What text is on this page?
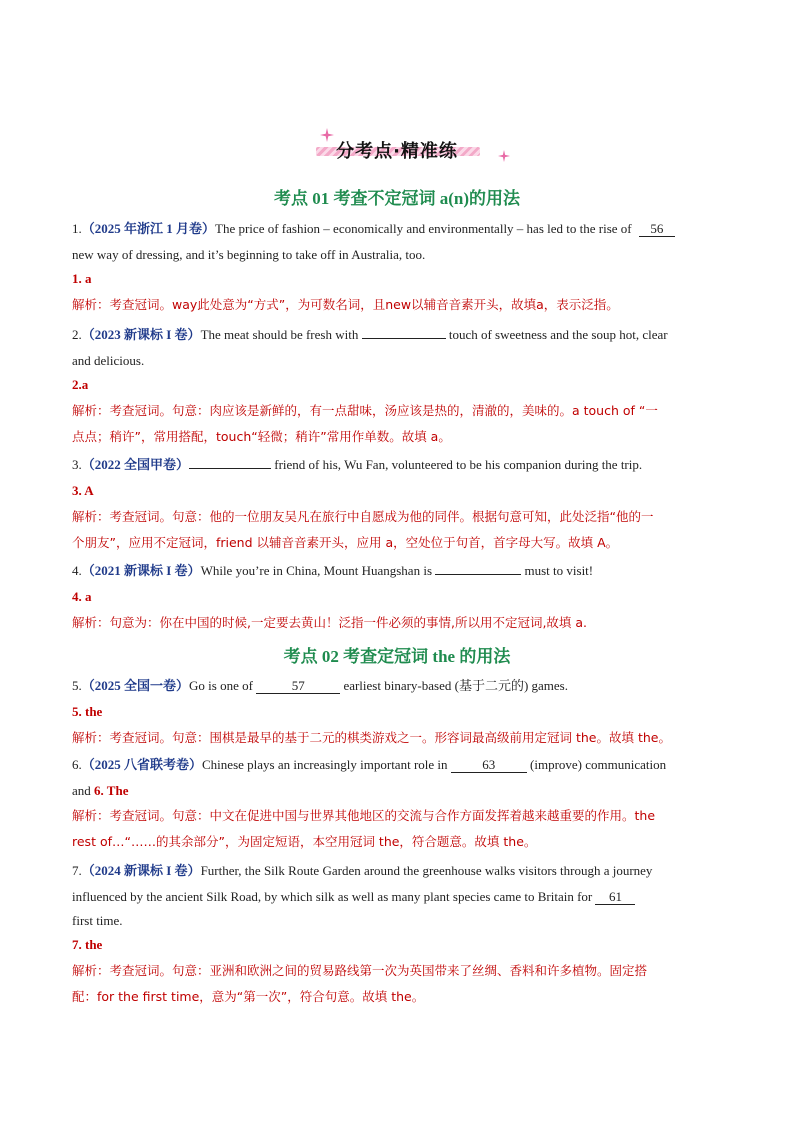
分考点·精准练
考点 01 考查不定冠词 a(n)的用法
1.（2025 年浙江 1 月卷）The price of fashion – economically and environmentally – has led to the rise of 56
new way of dressing, and it’s beginning to take off in Australia, too.
1. a
解析：考查冠词。way此处意为“方式”，为可数名词，且new以辅音音素开头，故填a，表示泛指。
2.（2023 新课标 I 卷）The meat should be fresh with	touch of sweetness and the soup hot, clear
and delicious.
2.a
解析：考查冠词。句意：肉应该是新鲜的，有一点甜味，汤应该是热的，清澈的，美味的。a touch of “一
点点；稍许”，常用搭配，touch“轻微；稍许”常用作单数。故填 a。
3.（2022 全国甲卷）	friend of his, Wu Fan, volunteered to be his companion during the trip.
3. A
解析：考查冠词。句意：他的一位朋友吴凡在旅行中自愿成为他的同伴。根据句意可知，此处泛指“他的一
个朋友”，应用不定冠词，friend 以辅音音素开头，应用 a，空处位于句首，首字母大写。故填 A。
4.（2021 新课标 I 卷）While you’re in China, Mount Huangshan is	must to visit!
4. a
解析：句意为：你在中国的时候,一定要去黄山！泛指一件必须的事情,所以用不定冠词,故填 a.
考点 02 考查定冠词 the 的用法
5.（2025 全国一卷）Go is one of	57	earliest binary-based (基于二元的) games.
5. the
解析：考查冠词。句意：围棋是最早的基于二元的棋类游戏之一。形容词最高级前用定冠词 the。故填 the。
6.（2025 八省联考卷）Chinese plays an increasingly important role in	63	(improve) communication
and 6. The
解析：考查冠词。句意：中文在促进中国与世界其他地区的交流与合作方面发挥着越来越重要的作用。the
rest of…“……的其余部分”，为固定短语，本空用冠词 the，符合题意。故填 the。
7.（2024 新课标 I 卷）Further, the Silk Route Garden around the greenhouse walks visitors through a journey
influenced by the ancient Silk Road, by which silk as well as many plant species came to Britain for 61
first time.
7. the
解析：考查冠词。句意：亚洲和欧洲之间的贸易路线第一次为英国带来了丝绸、香料和许多植物。固定搭
配：for the first time，意为“第一次”，符合句意。故填 the。
